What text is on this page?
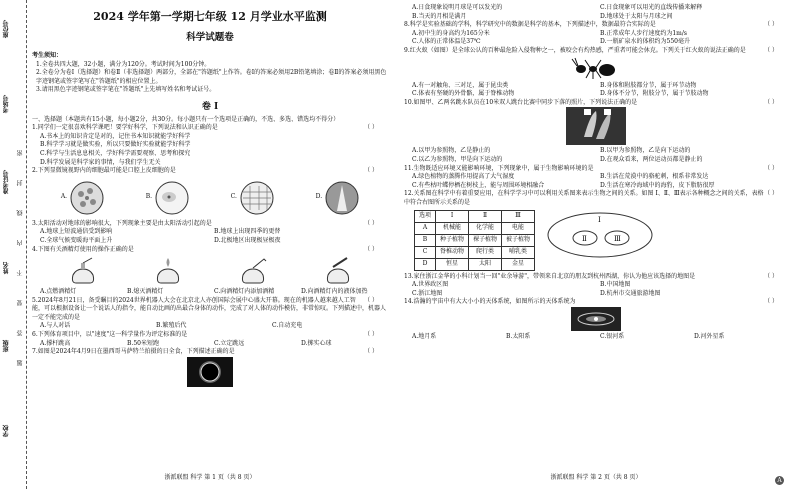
座位号
考场号
准考证号
姓名
班级
学校
密
封
线
内
不
要
答
题
2024 学年第一学期七年级 12 月学业水平监测
科学试题卷
考生须知：

1.全卷共四大题，32小题，满分为120分。考试时间为100分钟。

2.全卷分为卷Ⅰ（选择题）和卷Ⅱ（非选择题）两部分，全部在"答题纸"上作答。卷Ⅰ的答案必须用2B铅笔填涂；卷Ⅱ的答案必须用黑色字迹钢笔或签字笔写在"答题纸"的相应位置上。

3.请用黑色字迹钢笔或签字笔在"答题纸"上先填写姓名和考试证号。

卷 Ⅰ

一、选择题（本题共有15小题，每小题2分，共30分。每小题只有一个选项是正确的，不选、多选、错选均不得分）

（ ）
1.同学们一定很喜欢科学课吧！要学好科学，下列说法和认识正确的是

A.书本上的知识肯定是对的，记住书本知识就能学好科学

B.科学学习就是做实验，所以只要做好实验就能学好科学

C.科学与生活息息相关，学好科学需要观察、思考和探究

D.科学发展是科学家的事情，与我们学生无关

（ ）
2.下列显微镜视野内的细胞最可能是口腔上皮细胞的是

A.	B.	C.	D.

（ ）
3.太阳活动对地球的影响很大，下列现象主要是由太阳活动引起的是

A.地球上短波通信受到影响	B.地球上出现四季的更替
C.全球气候变暖海平面上升	D.北极地区出现极昼极夜

（ ）
4.下图有关酒精灯使用的操作正确的是

A.点燃酒精灯	B.熄灭酒精灯	C.向酒精灯内添加酒精	D.向酒精灯内的液体加热

（ ）
5.2024年8月21日，备受瞩目的2024世界机器人大会在北京北人亦创国际会展中心盛大开幕。现在的机器人越来越人工智能，可以根据设备让一个说话人的指令，能自动比画的出最合身体的动作，完成了对人体的动作模仿，非常惊叹。下列描述中，机器人一定不能完成的是

A.与人对话	B.繁殖后代	C.自动充电

（ ）
6.下列体育项目中，以"速度"这一科学量作为评定标准的是

A.撑杆跳高	B.50米短跑	C.立定跳远	D.掷实心球

（ ）
7.如图是2024年4月9日在墨西哥马萨特兰拍摄的日全食，下列描述正确的是

浙派联盟 科学 第 1 页（共 8 页）
A.日食现象说明月球是可以发光的	C.日食现象可以用光的直线传播来解释
B.当天的月相是满月	D.地球处于太阳与月球之间

（ ）
8.科学是实验基础的学科，科学研究中的数据是科学的基本，下列描述中，数据最符合实际的是

A.初中生的身高约为165分米	B.正常成年人步行速度约为1m/s
C.人体的正常体温是37℃	D.一瓶矿泉水的体积约为550毫升

（ ）
9.红火蚁（如图）是全球公认的百种最危险入侵物种之一，被咬会有灼热感，严重者可能会休克。下列关于红火蚁的说法正确的是

A.有一对触角、三对足，属于昆虫类	B.身体和附肢都分节，属于环节动物
C.体表有坚硬的外骨骼，属于脊椎动物	D.身体不分节，附肢分节，属于节肢动物

（ ）
10.如图甲、乙两名跳水队员在10米双人跳台比赛中同步下落的照片，下列说法正确的是

A.以甲为参照物，乙是静止的	B.以甲为参照物，乙是向下运动的
C.以乙为参照物，甲是向下运动的	D.在观众看来，两位运动员都是静止的

（ ）
11.生物既适应环境又能影响环境，下列现象中，属于生物影响环境的是

A.绿色植物的蒸腾作用提高了大气湿度	B.生活在荒漠中的骆驼刺，根系非常发达
C.有些枯叶蝶停栖在树枝上，能与周围环境相融合	D.生活在寒冷海域中的海豹，皮下脂肪很厚

（ ）
12.关系图在科学中有着重要应用，在科学学习中可以利用关系图来表示生物之间的关系。如图 Ⅰ、Ⅱ、Ⅲ表示各种概念之间的关系，表格中符合右图所示关系的是

选项	Ⅰ	Ⅱ	Ⅲ
A	机械能	化学能	电能
B	种子植物	裸子植物	被子植物
C	脊椎动物	爬行类	哺乳类
D	恒星	太阳	金星
Ⅰ
Ⅱ	Ⅲ

（ ）
13.家住浙江金华的小科计划当一回"业余导游"，带领来自北京的朋友到杭州西湖，你认为他应该选择的地图是

A.世界政区图	B.中国地图
C.浙江地图	D.杭州市交通旅游地图

（ ）
14.浩瀚的宇宙中有大大小小的天体系统，如图所示的天体系统为

A.地月系	B.太阳系	C.银河系	D.河外星系
浙派联盟 科学 第 2 页（共 8 页）	A
